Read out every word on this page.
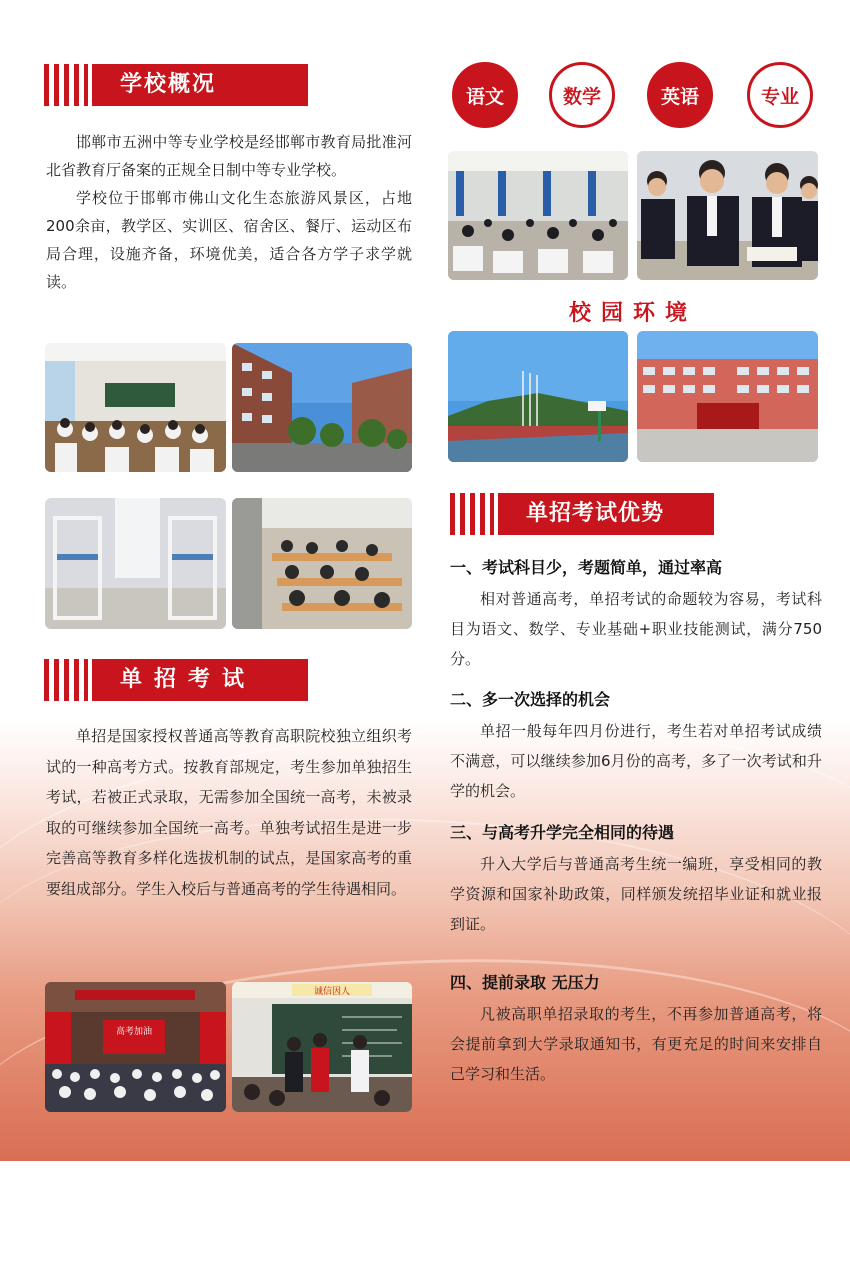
学校概况

邯郸市五洲中等专业学校是经邯郸市教育局批准河北省教育厅备案的正规全日制中等专业学校。

学校位于邯郸市佛山文化生态旅游风景区，占地200余亩，教学区、实训区、宿舍区、餐厅、运动区布局合理，设施齐备，环境优美，适合各方学子求学就读。

单招考试

单招是国家授权普通高等教育高职院校独立组织考试的一种高考方式。按教育部规定，考生参加单独招生考试，若被正式录取，无需参加全国统一高考，未被录取的可继续参加全国统一高考。单独考试招生是进一步完善高等教育多样化选拔机制的试点，是国家高考的重要组成部分。学生入校后与普通高考的学生待遇相同。

高考加油
诚信因人
语文	数学	英语	专业
校园环境
单招考试优势
一、考试科目少，考题简单，通过率高

相对普通高考，单招考试的命题较为容易，考试科目为语文、数学、专业基础+职业技能测试，满分750分。

二、多一次选择的机会

单招一般每年四月份进行，考生若对单招考试成绩不满意，可以继续参加6月份的高考，多了一次考试和升学的机会。

三、与高考升学完全相同的待遇

升入大学后与普通高考生统一编班，享受相同的教学资源和国家补助政策，同样颁发统招毕业证和就业报到证。

四、提前录取 无压力

凡被高职单招录取的考生，不再参加普通高考，将会提前拿到大学录取通知书，有更充足的时间来安排自己学习和生活。
